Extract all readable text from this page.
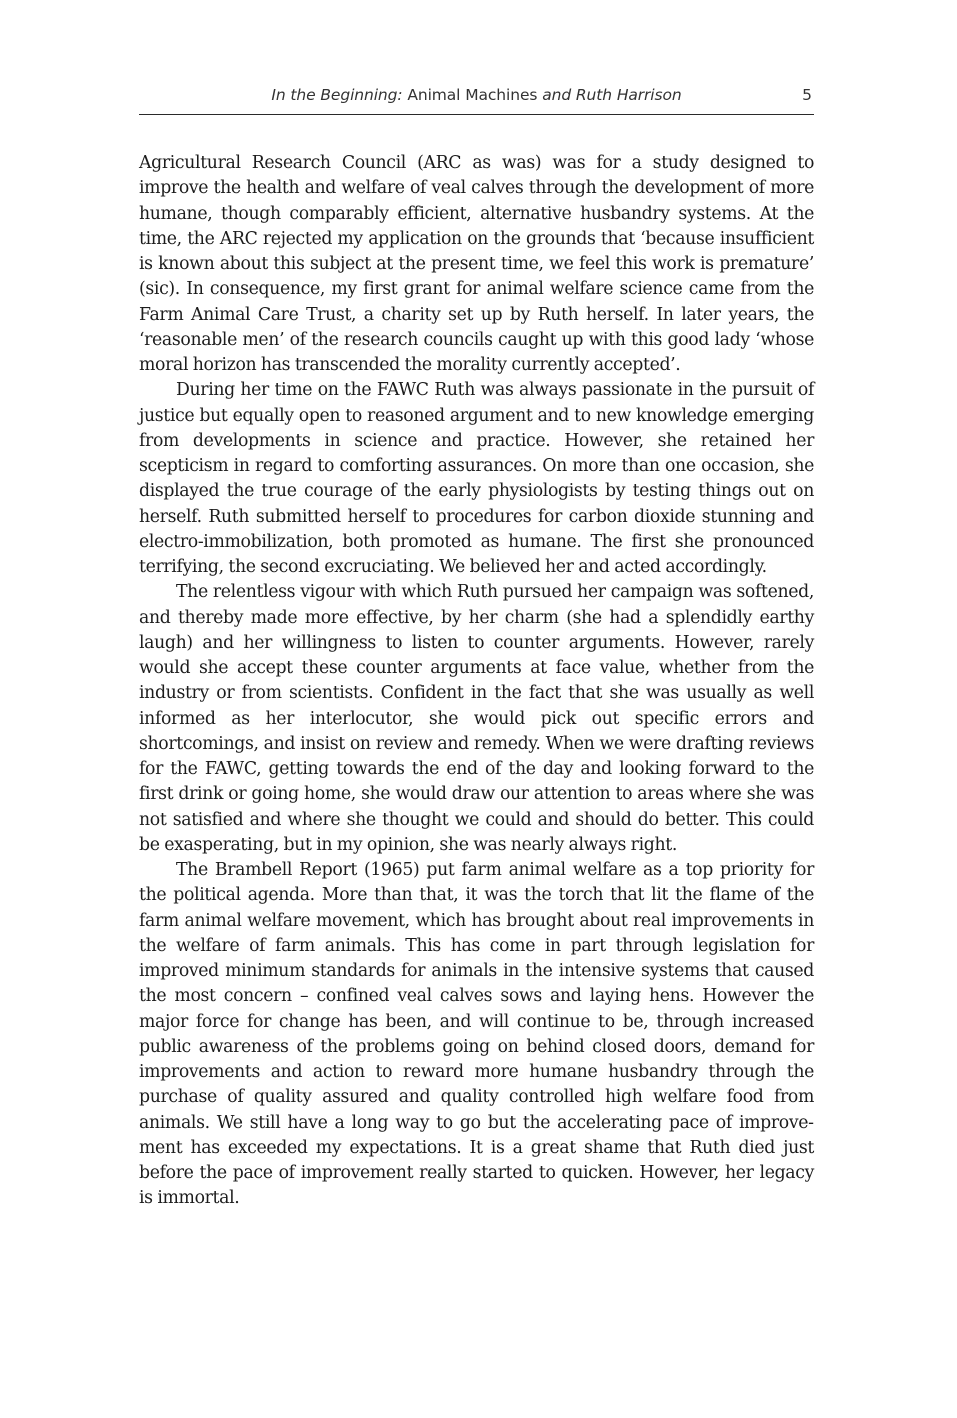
In the Beginning: Animal Machines and Ruth Harrison	5

Agricultural Research Council (ARC as was) was for a study designed to improve the health and welfare of veal calves through the development of more humane, though comparably efficient, alternative husbandry systems. At the time, the ARC rejected my application on the grounds that ‘because insufficient is known about this subject at the present time, we feel this work is premature’ (sic). In consequence, my first grant for animal welfare science came from the Farm Animal Care Trust, a charity set up by Ruth herself. In later years, the ‘reasonable men’ of the research councils caught up with this good lady ‘whose moral horizon has transcended the morality currently accepted’.

During her time on the FAWC Ruth was always passionate in the pursuit of justice but equally open to reasoned argument and to new knowledge emerging from developments in science and practice. However, she retained her scepticism in regard to comforting assurances. On more than one occasion, she displayed the true courage of the early physiologists by testing things out on herself. Ruth submitted herself to procedures for carbon dioxide stunning and electro-immobilization, both promoted as humane. The first she pronounced terrifying, the second excruciating. We believed her and acted accordingly.

The relentless vigour with which Ruth pursued her campaign was softened, and thereby made more effective, by her charm (she had a splendidly earthy laugh) and her willingness to listen to counter arguments. However, rarely would she accept these counter arguments at face value, whether from the industry or from scientists. Confident in the fact that she was usually as well informed as her interlocutor, she would pick out specific errors and shortcomings, and insist on review and remedy. When we were drafting reviews for the FAWC, getting towards the end of the day and looking forward to the first drink or going home, she would draw our attention to areas where she was not satisfied and where she thought we could and should do better. This could be exasperating, but in my opinion, she was nearly always right.

The Brambell Report (1965) put farm animal welfare as a top priority for the political agenda. More than that, it was the torch that lit the flame of the farm animal welfare movement, which has brought about real improvements in the welfare of farm animals. This has come in part through legislation for improved minimum standards for animals in the intensive systems that caused the most concern – confined veal calves sows and laying hens. However the major force for change has been, and will continue to be, through increased public awareness of the problems going on behind closed doors, demand for improvements and action to reward more humane husbandry through the purchase of quality assured and quality controlled high welfare food from animals. We still have a long way to go but the accelerating pace of improvement has exceeded my expectations. It is a great shame that Ruth died just before the pace of improvement really started to quicken. However, her legacy is immortal.
